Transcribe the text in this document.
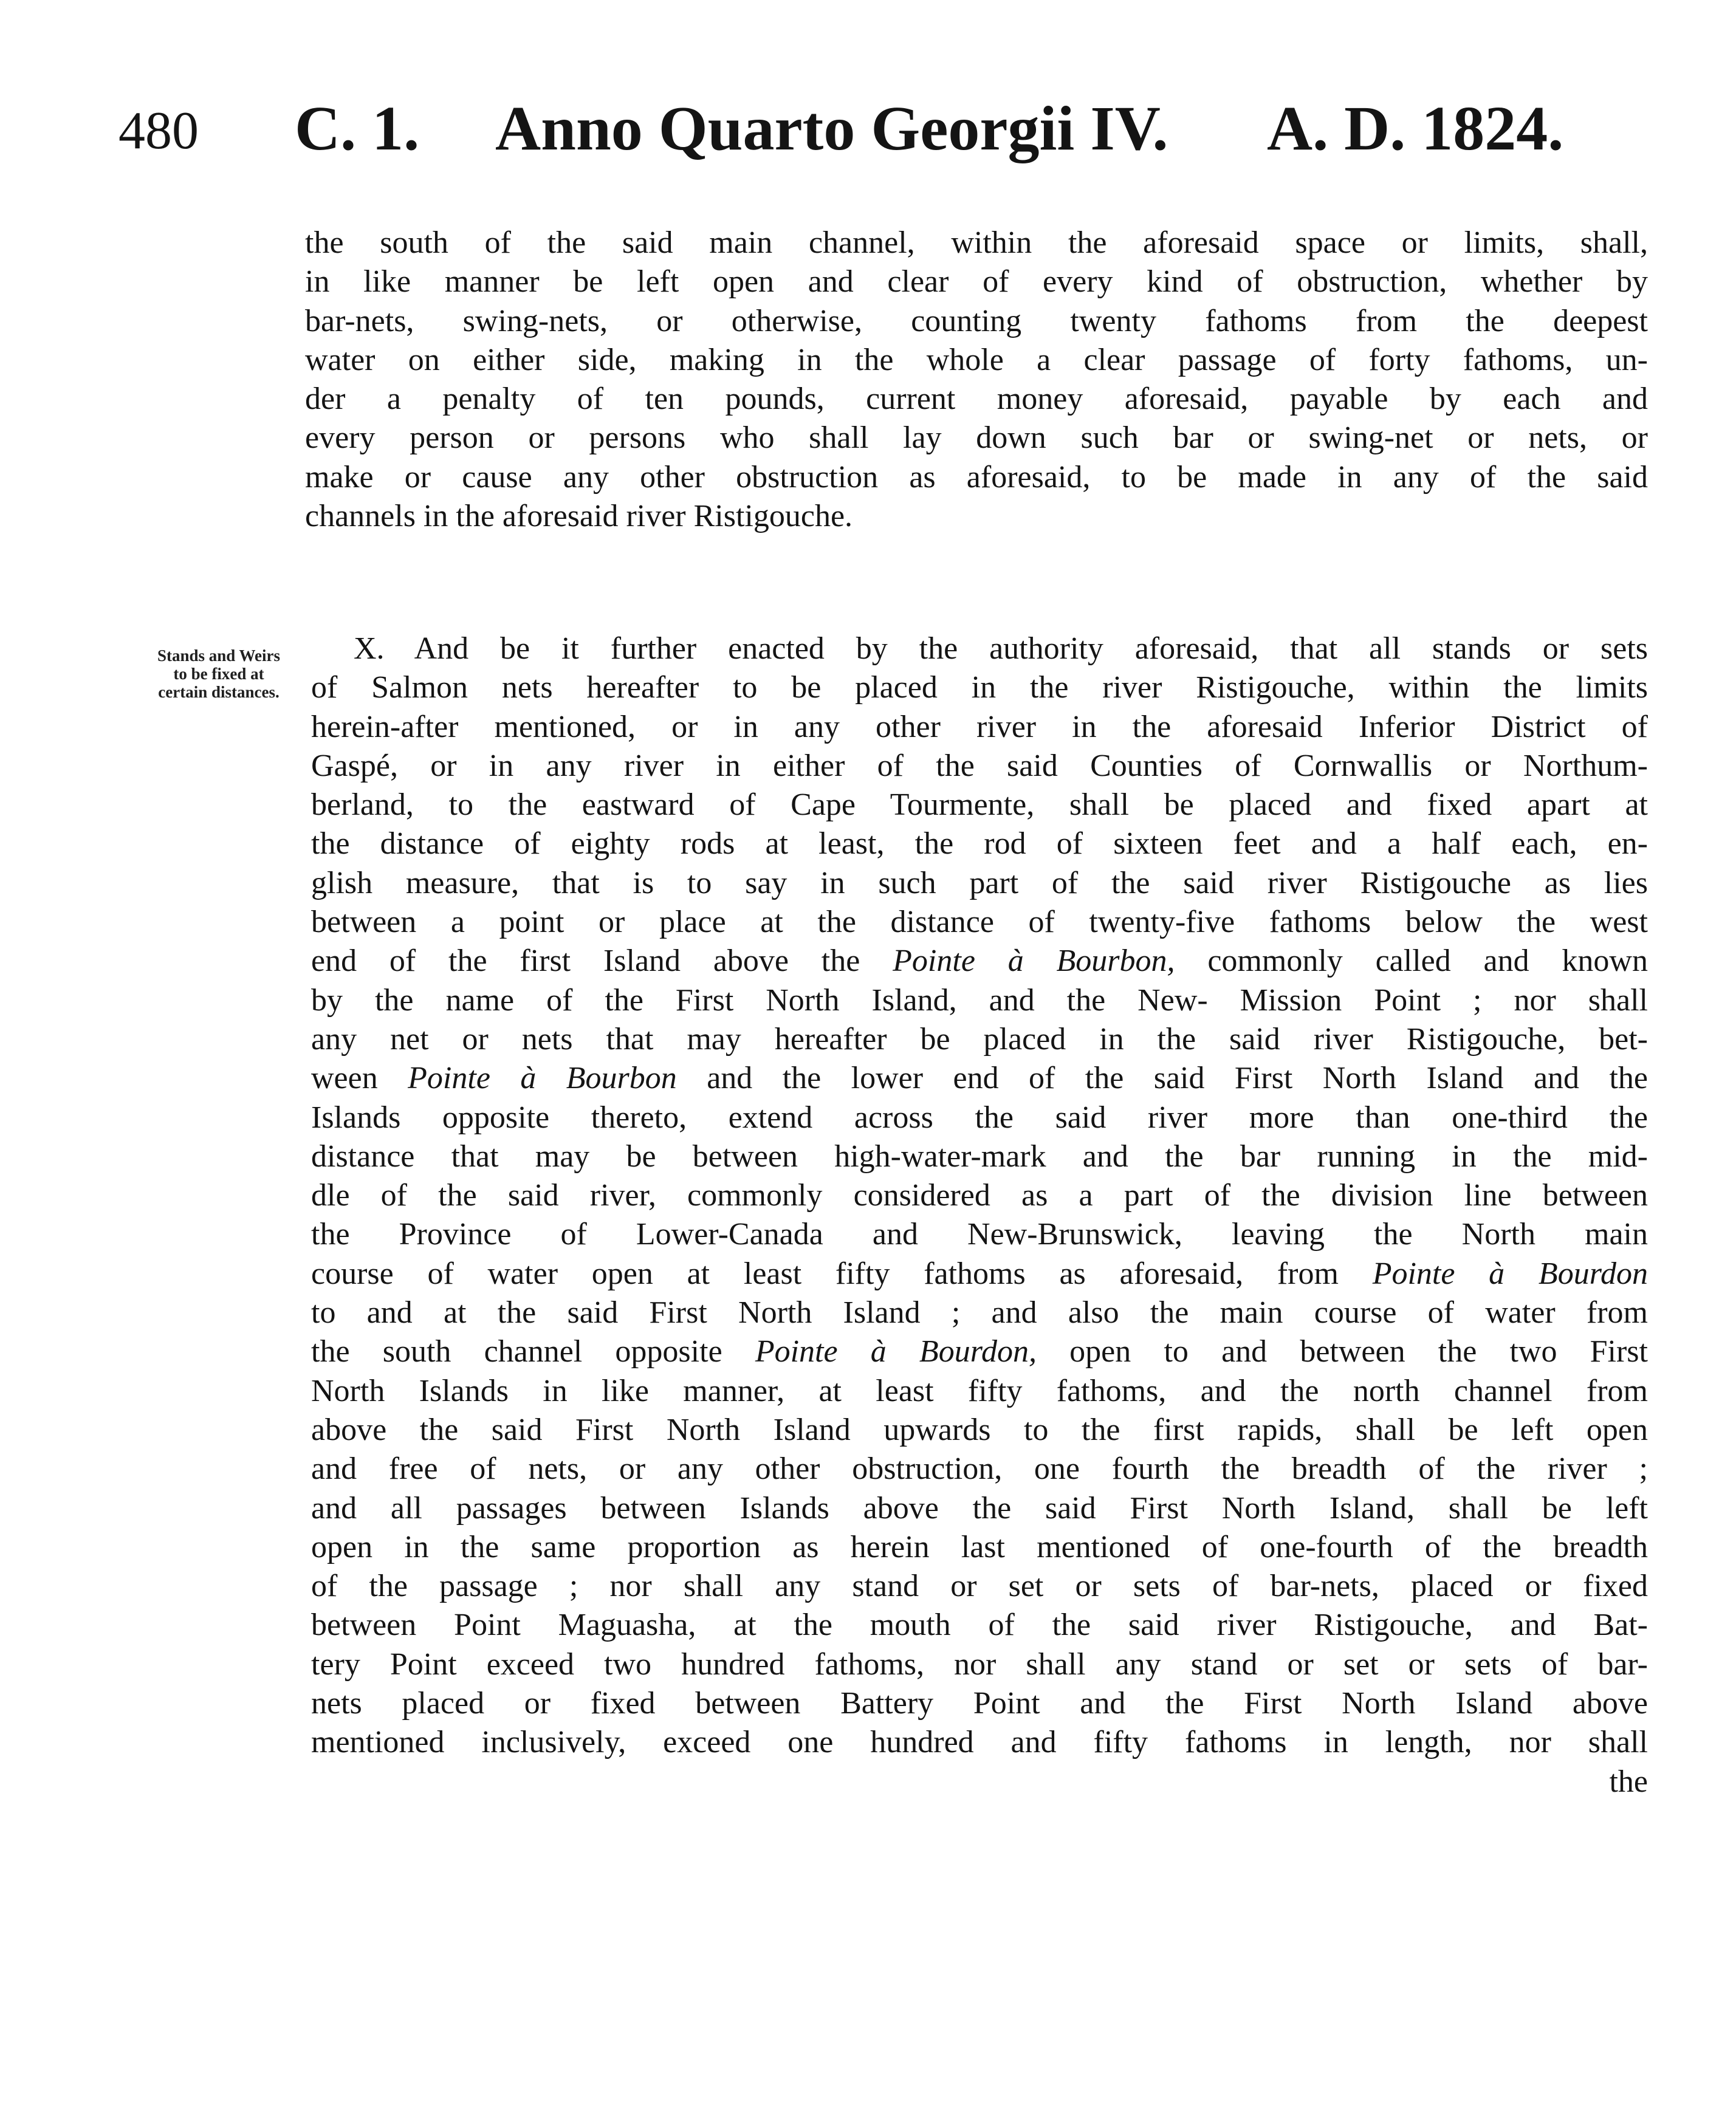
480 C. 1. Anno Quarto Georgii IV. A. D. 1824.
the south of the said main channel, within the aforesaid space or limits, shall,
in like manner be left open and clear of every kind of obstruction, whether by
bar-nets, swing-nets, or otherwise, counting twenty fathoms from the deepest
water on either side, making in the whole a clear passage of forty fathoms, un-
der a penalty of ten pounds, current money aforesaid, payable by each and
every person or persons who shall lay down such bar or swing-net or nets, or
make or cause any other obstruction as aforesaid, to be made in any of the said
channels in the aforesaid river Ristigouche.
Stands and Weirs
to be fixed at
certain distances.
X. And be it further enacted by the authority aforesaid, that all stands or sets
of Salmon nets hereafter to be placed in the river Ristigouche, within the limits
herein-after mentioned, or in any other river in the aforesaid Inferior District of
Gaspé, or in any river in either of the said Counties of Cornwallis or Northum-
berland, to the eastward of Cape Tourmente, shall be placed and fixed apart at
the distance of eighty rods at least, the rod of sixteen feet and a half each, en-
glish measure, that is to say in such part of the said river Ristigouche as lies
between a point or place at the distance of twenty-five fathoms below the west
end of the first Island above the Pointe à Bourbon, commonly called and known
by the name of the First North Island, and the New- Mission Point ; nor shall
any net or nets that may hereafter be placed in the said river Ristigouche, bet-
ween Pointe à Bourbon and the lower end of the said First North Island and the
Islands opposite thereto, extend across the said river more than one-third the
distance that may be between high-water-mark and the bar running in the mid-
dle of the said river, commonly considered as a part of the division line between
the Province of Lower-Canada and New-Brunswick, leaving the North main
course of water open at least fifty fathoms as aforesaid, from Pointe à Bourdon
to and at the said First North Island ; and also the main course of water from
the south channel opposite Pointe à Bourdon, open to and between the two First
North Islands in like manner, at least fifty fathoms, and the north channel from
above the said First North Island upwards to the first rapids, shall be left open
and free of nets, or any other obstruction, one fourth the breadth of the river ;
and all passages between Islands above the said First North Island, shall be left
open in the same proportion as herein last mentioned of one-fourth of the breadth
of the passage ; nor shall any stand or set or sets of bar-nets, placed or fixed
between Point Maguasha, at the mouth of the said river Ristigouche, and Bat-
tery Point exceed two hundred fathoms, nor shall any stand or set or sets of bar-
nets placed or fixed between Battery Point and the First North Island above
mentioned inclusively, exceed one hundred and fifty fathoms in length, nor shall
the
